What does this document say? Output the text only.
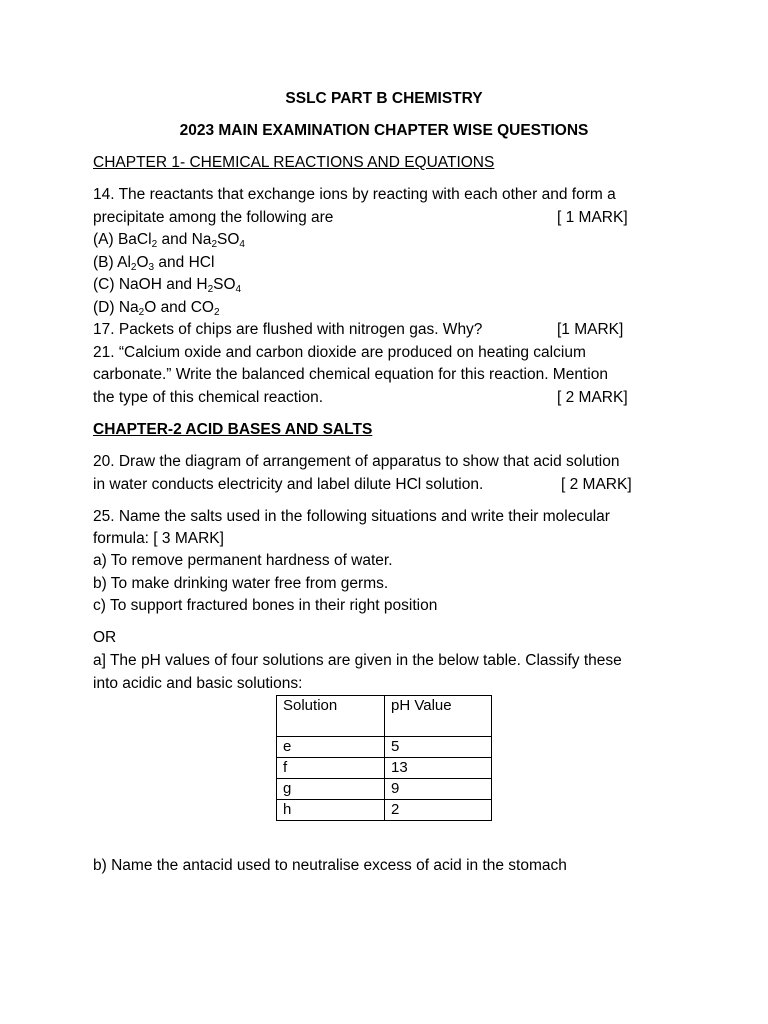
SSLC PART B CHEMISTRY
2023 MAIN EXAMINATION CHAPTER WISE QUESTIONS
CHAPTER 1- CHEMICAL REACTIONS AND EQUATIONS
14. The reactants that exchange ions by reacting with each other and form a
precipitate among the following are	[ 1 MARK]
(A) BaCl$_2$ and $Na_2SO_4$
(B) $Al_2O_3$ and HCl
(C) NaOH and $H_2SO_4$
(D) $Na_2O$ and $CO_2$
17. Packets of chips are flushed with nitrogen gas. Why?	[1 MARK]
21. “Calcium oxide and carbon dioxide are produced on heating calcium
carbonate.” Write the balanced chemical equation for this reaction. Mention
the type of this chemical reaction.	[ 2 MARK]
CHAPTER-2 ACID BASES AND SALTS
20. Draw the diagram of arrangement of apparatus to show that acid solution
in water conducts electricity and label dilute HCl solution.	[ 2 MARK]
25. Name the salts used in the following situations and write their molecular
formula: [ 3 MARK]
a) To remove permanent hardness of water.
b) To make drinking water free from germs.
c) To support fractured bones in their right position
OR
a] The pH values of four solutions are given in the below table. Classify these
into acidic and basic solutions:
Solution	pH Value
e	5
f	13
g	9
h	2
b) Name the antacid used to neutralise excess of acid in the stomach
